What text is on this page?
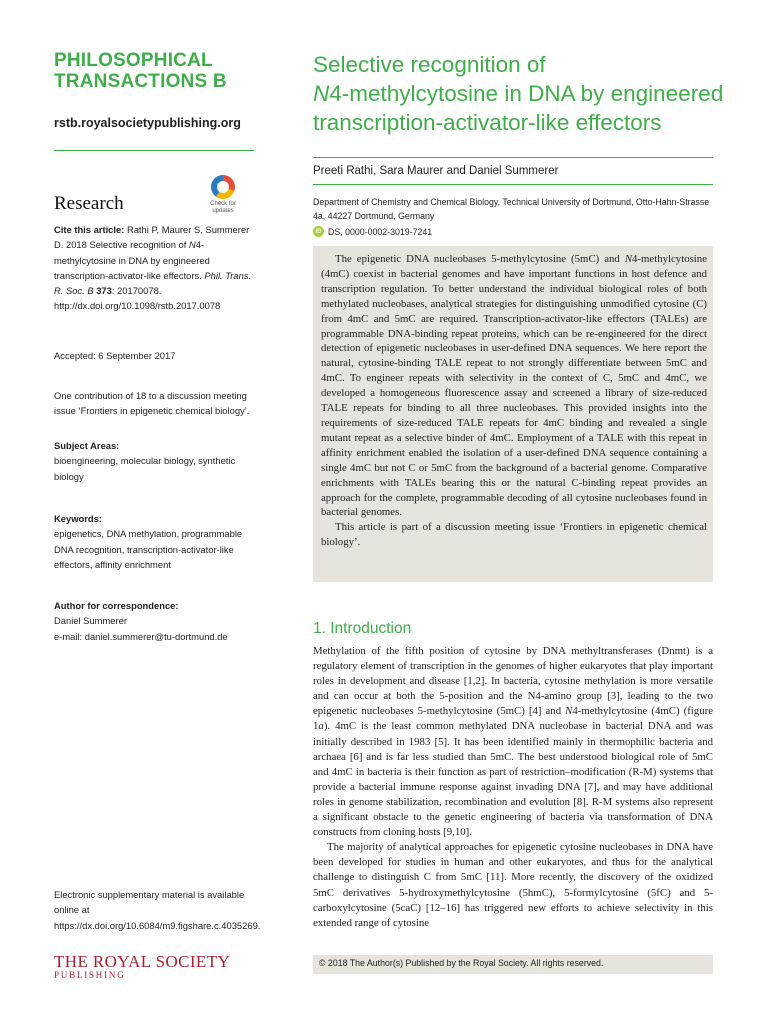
PHILOSOPHICAL
TRANSACTIONS B
rstb.royalsocietypublishing.org
Research	Check for
updates
Cite this article: Rathi P, Maurer S, Summerer D. 2018 Selective recognition of N4-methylcytosine in DNA by engineered transcription-activator-like effectors. Phil. Trans. R. Soc. B 373: 20170078.
http://dx.doi.org/10.1098/rstb.2017.0078
Accepted: 6 September 2017
One contribution of 18 to a discussion meeting issue ‘Frontiers in epigenetic chemical biology’.
Subject Areas:
bioengineering, molecular biology, synthetic biology
Keywords:
epigenetics, DNA methylation, programmable DNA recognition, transcription-activator-like effectors, affinity enrichment
Author for correspondence:
Daniel Summerer
e-mail: daniel.summerer@tu-dortmund.de
Electronic supplementary material is available online at https://dx.doi.org/10.6084/m9.figshare.c.4035269.
THE ROYAL SOCIETY
PUBLISHING
Selective recognition of
N4-methylcytosine in DNA by engineered
transcription-activator-like effectors
Preeti Rathi, Sara Maurer and Daniel Summerer
Department of Chemistry and Chemical Biology, Technical University of Dortmund, Otto-Hahn-Strasse 4a, 44227 Dortmund, Germany
iD DS, 0000-0002-3019-7241

The epigenetic DNA nucleobases 5-methylcytosine (5mC) and N4-methylcytosine (4mC) coexist in bacterial genomes and have important functions in host defence and transcription regulation. To better understand the individual biological roles of both methylated nucleobases, analytical strategies for distinguishing unmodified cytosine (C) from 4mC and 5mC are required. Transcription-activator-like effectors (TALEs) are programmable DNA-binding repeat proteins, which can be re-engineered for the direct detection of epigenetic nucleobases in user-defined DNA sequences. We here report the natural, cytosine-binding TALE repeat to not strongly differentiate between 5mC and 4mC. To engineer repeats with selectivity in the context of C, 5mC and 4mC, we developed a homogeneous fluorescence assay and screened a library of size-reduced TALE repeats for binding to all three nucleobases. This provided insights into the requirements of size-reduced TALE repeats for 4mC binding and revealed a single mutant repeat as a selective binder of 4mC. Employment of a TALE with this repeat in affinity enrichment enabled the isolation of a user-defined DNA sequence containing a single 4mC but not C or 5mC from the background of a bacterial genome. Comparative enrichments with TALEs bearing this or the natural C-binding repeat provides an approach for the complete, programmable decoding of all cytosine nucleobases found in bacterial genomes.

This article is part of a discussion meeting issue ‘Frontiers in epigenetic chemical biology’.

1. Introduction

Methylation of the fifth position of cytosine by DNA methyltransferases (Dnmt) is a regulatory element of transcription in the genomes of higher eukaryotes that play important roles in development and disease [1,2]. In bacteria, cytosine methylation is more versatile and can occur at both the 5-position and the N4-amino group [3], leading to the two epigenetic nucleobases 5-methylcytosine (5mC) [4] and N4-methylcytosine (4mC) (figure 1a). 4mC is the least common methylated DNA nucleobase in bacterial DNA and was initially described in 1983 [5]. It has been identified mainly in thermophilic bacteria and archaea [6] and is far less studied than 5mC. The best understood biological role of 5mC and 4mC in bacteria is their function as part of restriction–modification (R-M) systems that provide a bacterial immune response against invading DNA [7], and may have additional roles in genome stabilization, recombination and evolution [8]. R-M systems also represent a significant obstacle to the genetic engineering of bacteria via transformation of DNA constructs from cloning hosts [9,10].

The majority of analytical approaches for epigenetic cytosine nucleobases in DNA have been developed for studies in human and other eukaryotes, and thus for the analytical challenge to distinguish C from 5mC [11]. More recently, the discovery of the oxidized 5mC derivatives 5-hydroxymethylcytosine (5hmC), 5-formylcytosine (5fC) and 5-carboxylcytosine (5caC) [12–16] has triggered new efforts to achieve selectivity in this extended range of cytosine

© 2018 The Author(s) Published by the Royal Society. All rights reserved.
